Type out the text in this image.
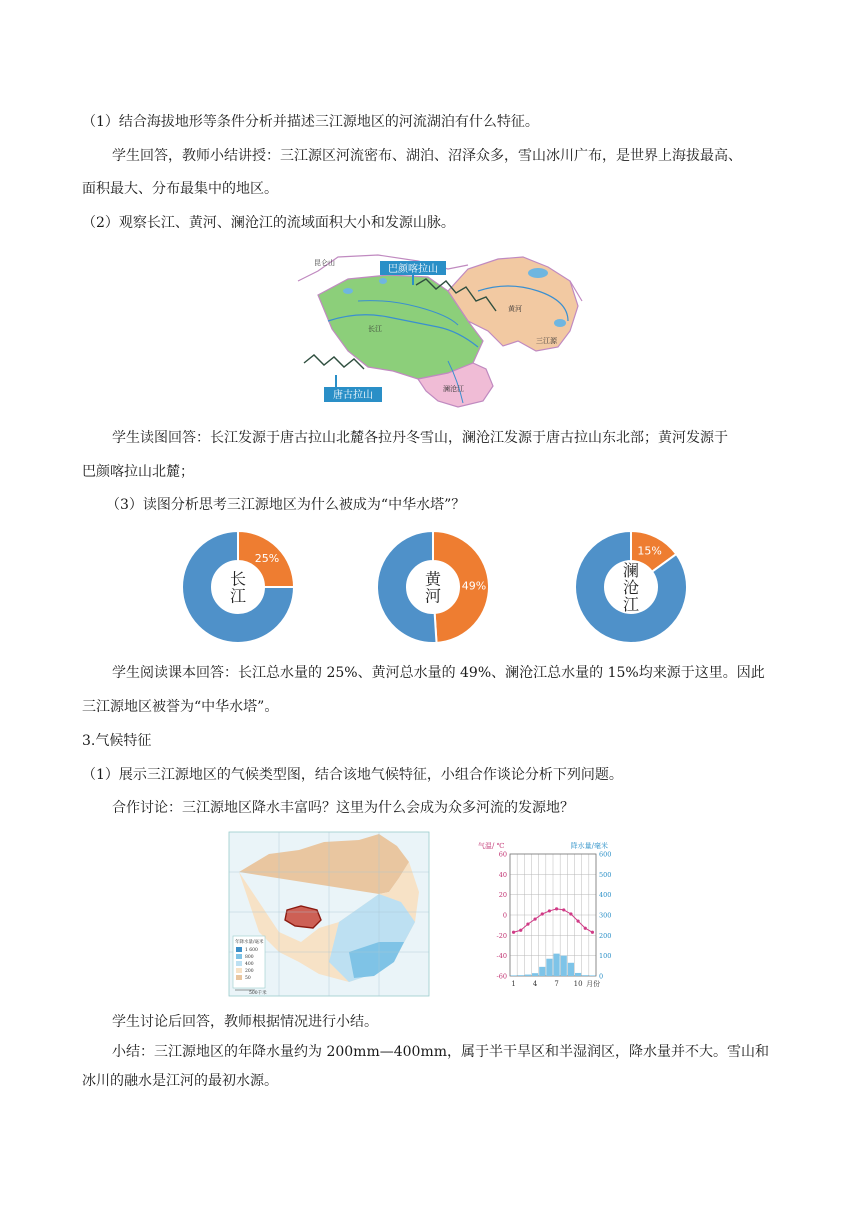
（1）结合海拔地形等条件分析并描述三江源地区的河流湖泊有什么特征。
学生回答，教师小结讲授：三江源区河流密布、湖泊、沼泽众多，雪山冰川广布，是世界上海拔最高、
面积最大、分布最集中的地区。
（2）观察长江、黄河、澜沧江的流域面积大小和发源山脉。
昆仑山
长江
黄河
澜沧江
三江源
巴颜喀拉山
唐古拉山
学生读图回答：长江发源于唐古拉山北麓各拉丹冬雪山，澜沧江发源于唐古拉山东北部；黄河发源于
巴颜喀拉山北麓；
（3）读图分析思考三江源地区为什么被成为“中华水塔”？
25%
长
江
49%
黄
河
15%
澜
沧
江
学生阅读课本回答：长江总水量的 25%、黄河总水量的 49%、澜沧江总水量的 15%均来源于这里。因此
三江源地区被誉为“中华水塔”。
3.气候特征
（1）展示三江源地区的气候类型图，结合该地气候特征，小组合作谈论分析下列问题。
合作讨论：三江源地区降水丰富吗？这里为什么会成为众多河流的发源地？
年降水量/毫米
1 600
800
400
200
50
500千米
气温/ ℃	降水量/毫米
60	600
40	500
20	400
0	300
-20	200
-40	100
-60	0
1 4 7 10 月份
学生讨论后回答，教师根据情况进行小结。
小结：三江源地区的年降水量约为 200mm—400mm，属于半干旱区和半湿润区，降水量并不大。雪山和
冰川的融水是江河的最初水源。
